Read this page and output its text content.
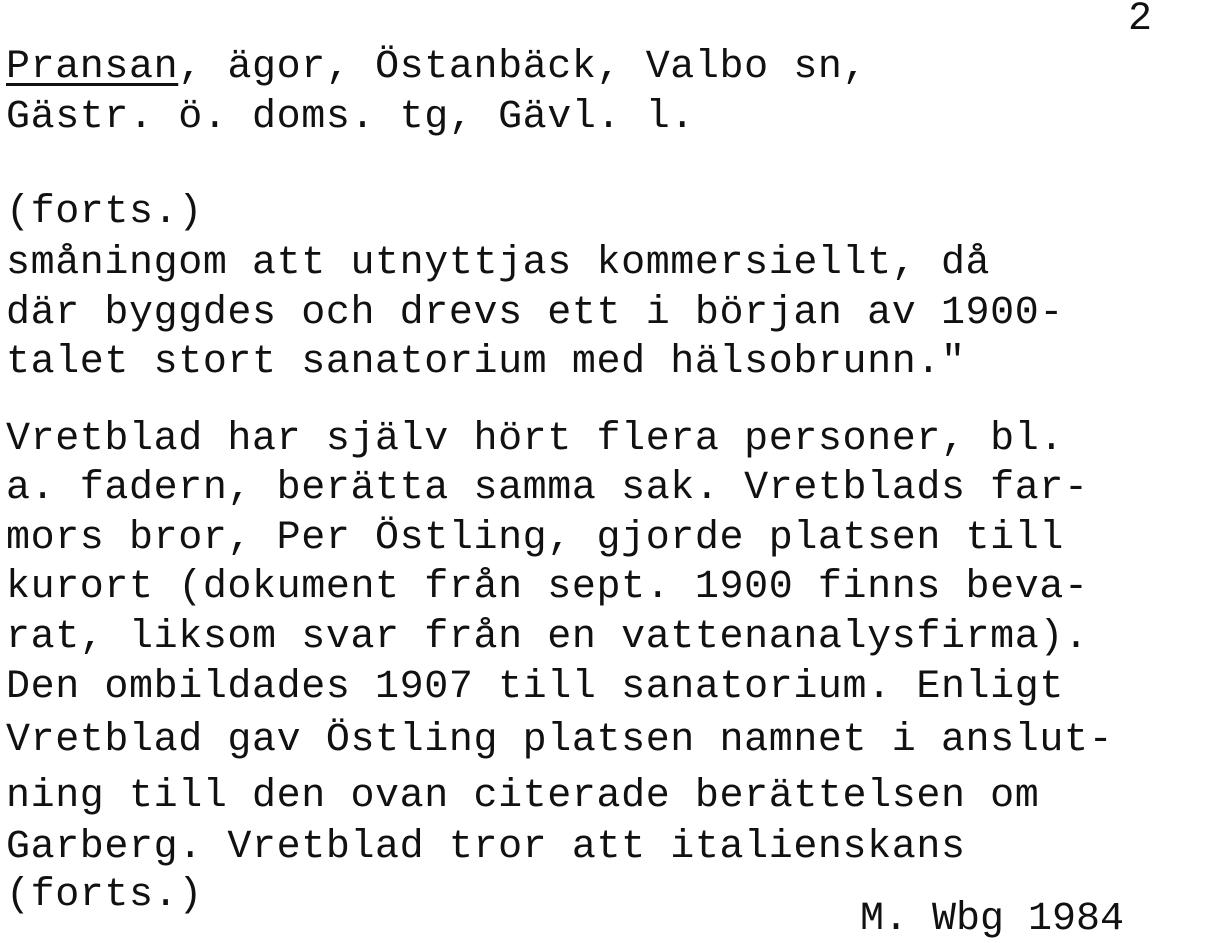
2
Pransan, ägor, Östanbäck, Valbo sn,
Gästr. ö. doms. tg, Gävl. l.
(forts.)
småningom att utnyttjas kommersiellt, då
där byggdes och drevs ett i början av 1900-
talet stort sanatorium med hälsobrunn."
Vretblad har själv hört flera personer, bl.
a. fadern, berätta samma sak. Vretblads far-
mors bror, Per Östling, gjorde platsen till
kurort (dokument från sept. 1900 finns beva-
rat, liksom svar från en vattenanalysfirma).
Den ombildades 1907 till sanatorium. Enligt
Vretblad gav Östling platsen namnet i anslut-
ning till den ovan citerade berättelsen om
Garberg. Vretblad tror att italienskans
(forts.)
M. Wbg 1984
